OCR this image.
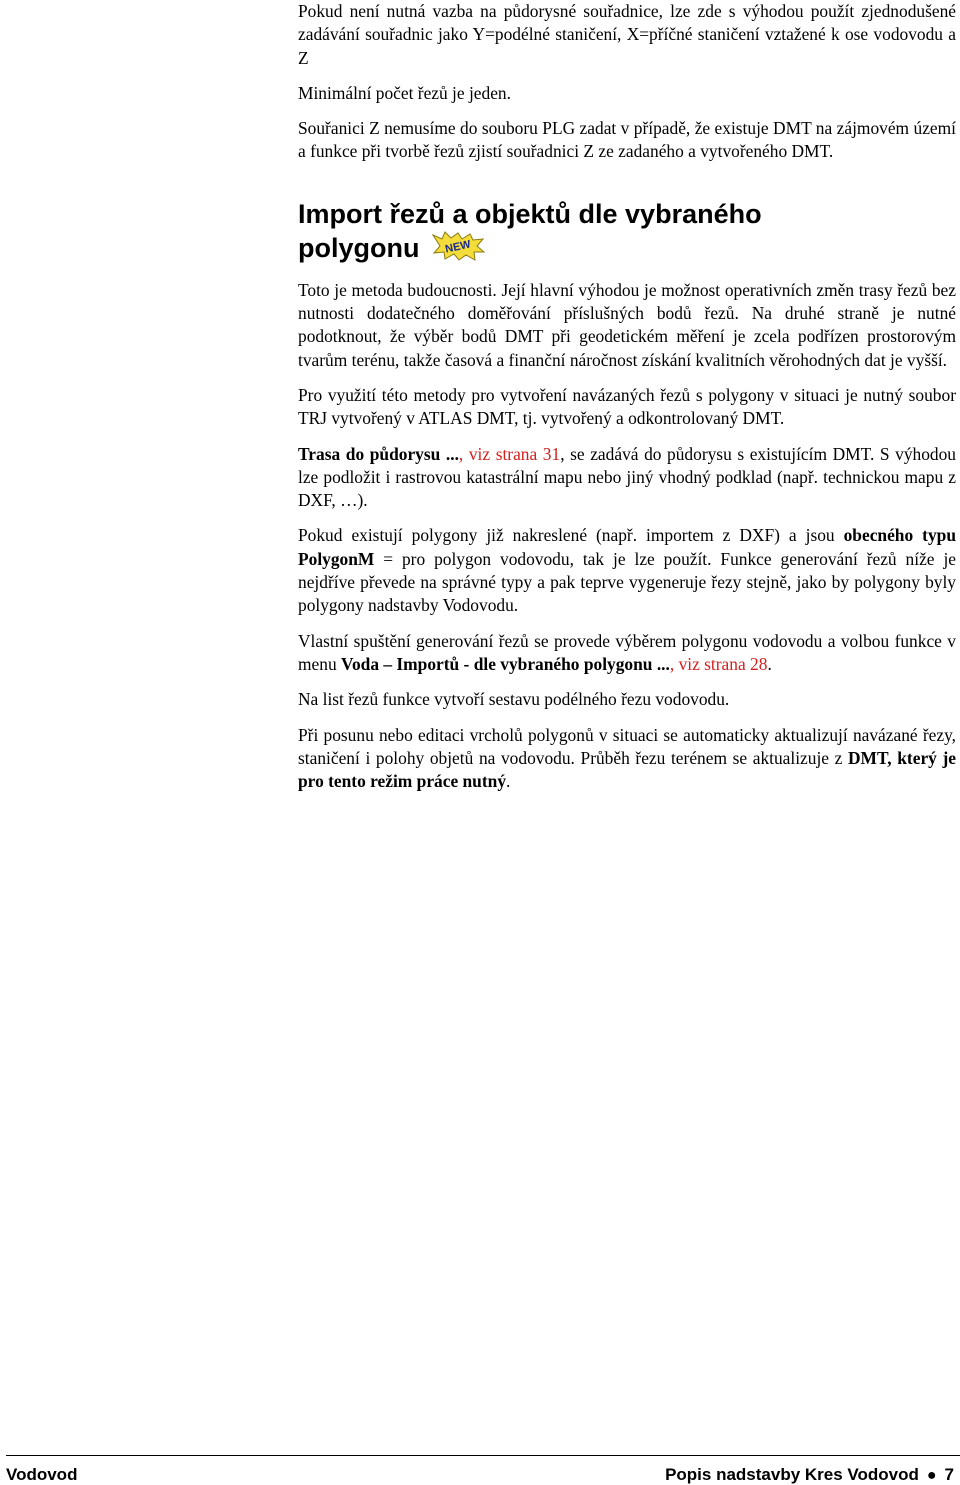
Pokud není nutná vazba na půdorysné souřadnice, lze zde s výhodou použít zjednodušené zadávání souřadnic jako Y=podélné staničení, X=příčné staničení vztažené k ose vodovodu a Z

Minimální počet řezů je jeden.

Souřanici Z nemusíme do souboru PLG zadat v případě, že existuje DMT na zájmovém území a funkce při tvorbě řezů zjistí souřadnici Z ze zadaného a vytvořeného DMT.

Import řezů a objektů dle vybraného
polygonu NEW

Toto je metoda budoucnosti. Její hlavní výhodou je možnost operativních změn trasy řezů bez nutnosti dodatečného doměřování příslušných bodů řezů. Na druhé straně je nutné podotknout, že výběr bodů DMT při geodetickém měření je zcela podřízen prostorovým tvarům terénu, takže časová a finanční náročnost získání kvalitních věrohodných dat je vyšší.

Pro využití této metody pro vytvoření navázaných řezů s polygony v situaci je nutný soubor TRJ vytvořený v ATLAS DMT, tj. vytvořený a odkontrolovaný DMT.

Trasa do půdorysu ..., viz strana 31, se zadává do půdorysu s existujícím DMT. S výhodou lze podložit i rastrovou katastrální mapu nebo jiný vhodný podklad (např. technickou mapu z DXF, …).

Pokud existují polygony již nakreslené (např. importem z DXF) a jsou obecného typu PolygonM = pro polygon vodovodu, tak je lze použít. Funkce generování řezů níže je nejdříve převede na správné typy a pak teprve vygeneruje řezy stejně, jako by polygony byly polygony nadstavby Vodovodu.

Vlastní spuštění generování řezů se provede výběrem polygonu vodovodu a volbou funkce v menu Voda – Importů - dle vybraného polygonu ..., viz strana 28.

Na list řezů funkce vytvoří sestavu podélného řezu vodovodu.

Při posunu nebo editaci vrcholů polygonů v situaci se automaticky aktualizují navázané řezy, staničení i polohy objetů na vodovodu. Průběh řezu terénem se aktualizuje z DMT, který je pro tento režim práce nutný.

Vodovod	Popis nadstavby Kres Vodovod ● 7
